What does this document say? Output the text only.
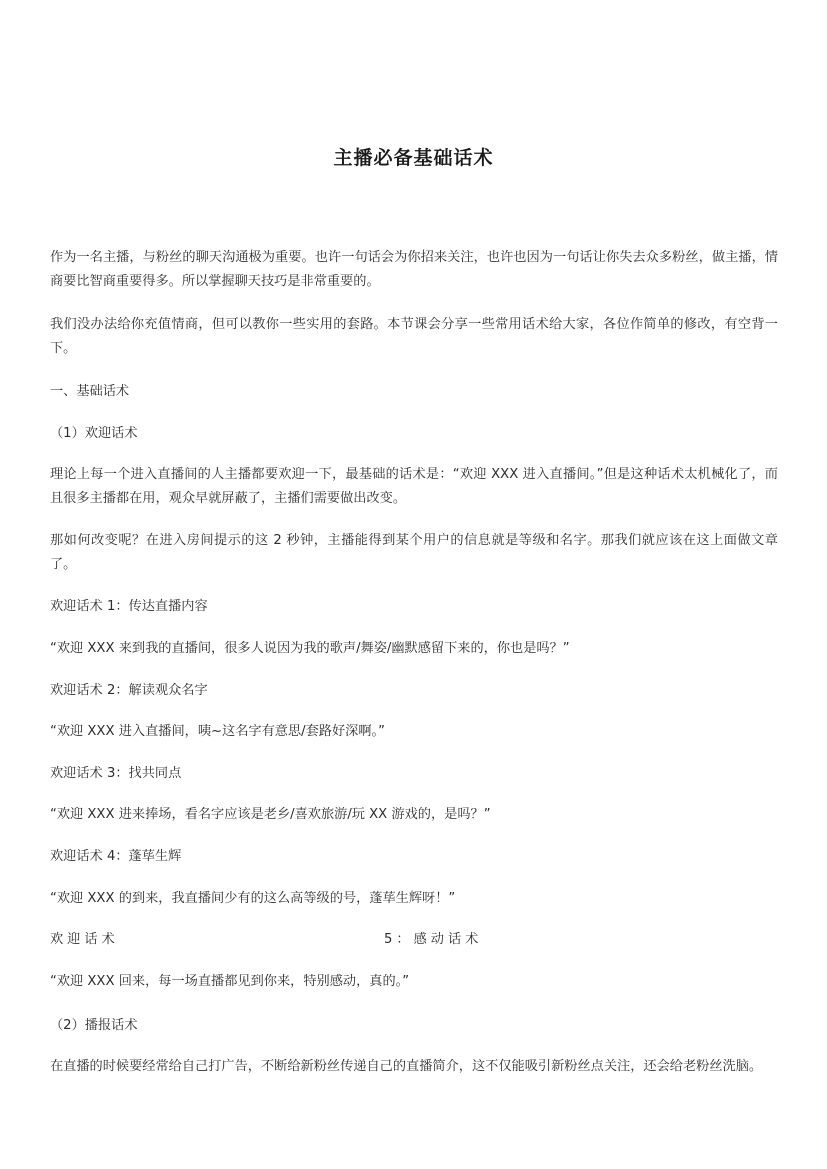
主播必备基础话术
作为一名主播，与粉丝的聊天沟通极为重要。也许一句话会为你招来关注，也许也因为一句话让你失去众多粉丝，做主播，情商要比智商重要得多。所以掌握聊天技巧是非常重要的。
我们没办法给你充值情商，但可以教你一些实用的套路。本节课会分享一些常用话术给大家，各位作简单的修改，有空背一下。
一、基础话术
（1）欢迎话术
理论上每一个进入直播间的人主播都要欢迎一下，最基础的话术是：“欢迎 XXX 进入直播间。”但是这种话术太机械化了，而且很多主播都在用，观众早就屏蔽了，主播们需要做出改变。
那如何改变呢？在进入房间提示的这 2 秒钟，主播能得到某个用户的信息就是等级和名字。那我们就应该在这上面做文章了。
欢迎话术 1：传达直播内容
“欢迎 XXX 来到我的直播间，很多人说因为我的歌声/舞姿/幽默感留下来的，你也是吗？”
欢迎话术 2：解读观众名字
“欢迎 XXX 进入直播间，咦~这名字有意思/套路好深啊。”
欢迎话术 3：找共同点
“欢迎 XXX 进来捧场，看名字应该是老乡/喜欢旅游/玩 XX 游戏的，是吗？”
欢迎话术 4：蓬荜生辉
“欢迎 XXX 的到来，我直播间少有的这么高等级的号，蓬荜生辉呀！”
欢迎话术	5：感动话术
“欢迎 XXX 回来，每一场直播都见到你来，特别感动，真的。”
（2）播报话术
在直播的时候要经常给自己打广告，不断给新粉丝传递自己的直播简介，这不仅能吸引新粉丝点关注，还会给老粉丝洗脑。
